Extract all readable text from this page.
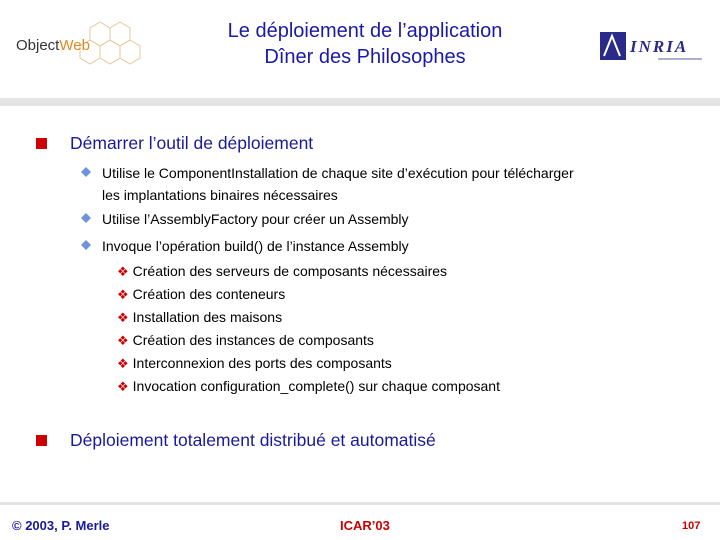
ObjectWeb
ObjectWeb
Le déploiement de l’application
Dîner des Philosophes	INRIA
Démarrer l’outil de déploiement
Utilise le ComponentInstallation de chaque site d’exécution pour télécharger
les implantations binaires nécessaires
Utilise l’AssemblyFactory pour créer un Assembly
Invoque l’opération build() de l’instance Assembly
❖ Création des serveurs de composants nécessaires
❖ Création des conteneurs
❖ Installation des maisons
❖ Création des instances de composants
❖ Interconnexion des ports des composants
❖ Invocation configuration_complete() sur chaque composant
Déploiement totalement distribué et automatisé
© 2003, P. Merle	ICAR’03	107
